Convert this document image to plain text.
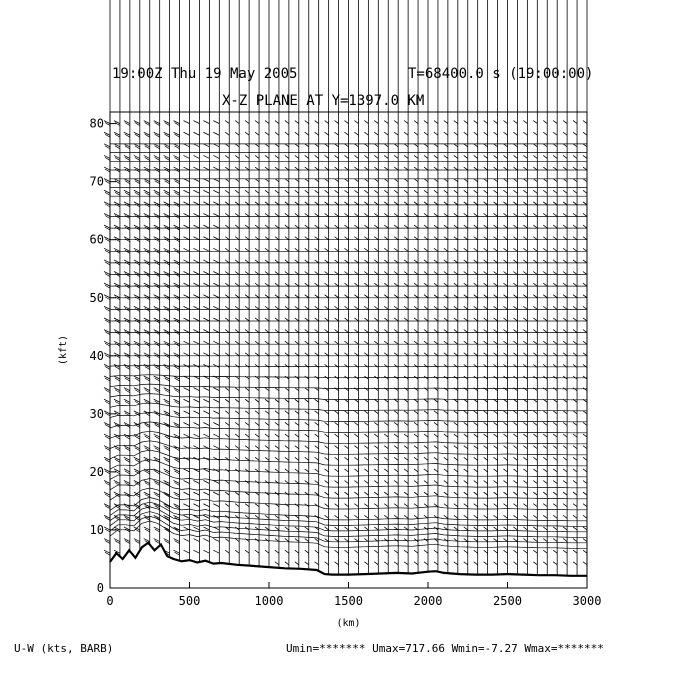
0	500	1000	1500	2000	2500	3000
0
10
20
30
40
50
60
70
80
(km)
(kft)
19:00Z Thu 19 May 2005	T=68400.0 s (19:00:00)
X-Z PLANE AT Y=1397.0 KM
U-W (kts, BARB)	Umin=******* Umax=717.66 Wmin=-7.27 Wmax=*******
